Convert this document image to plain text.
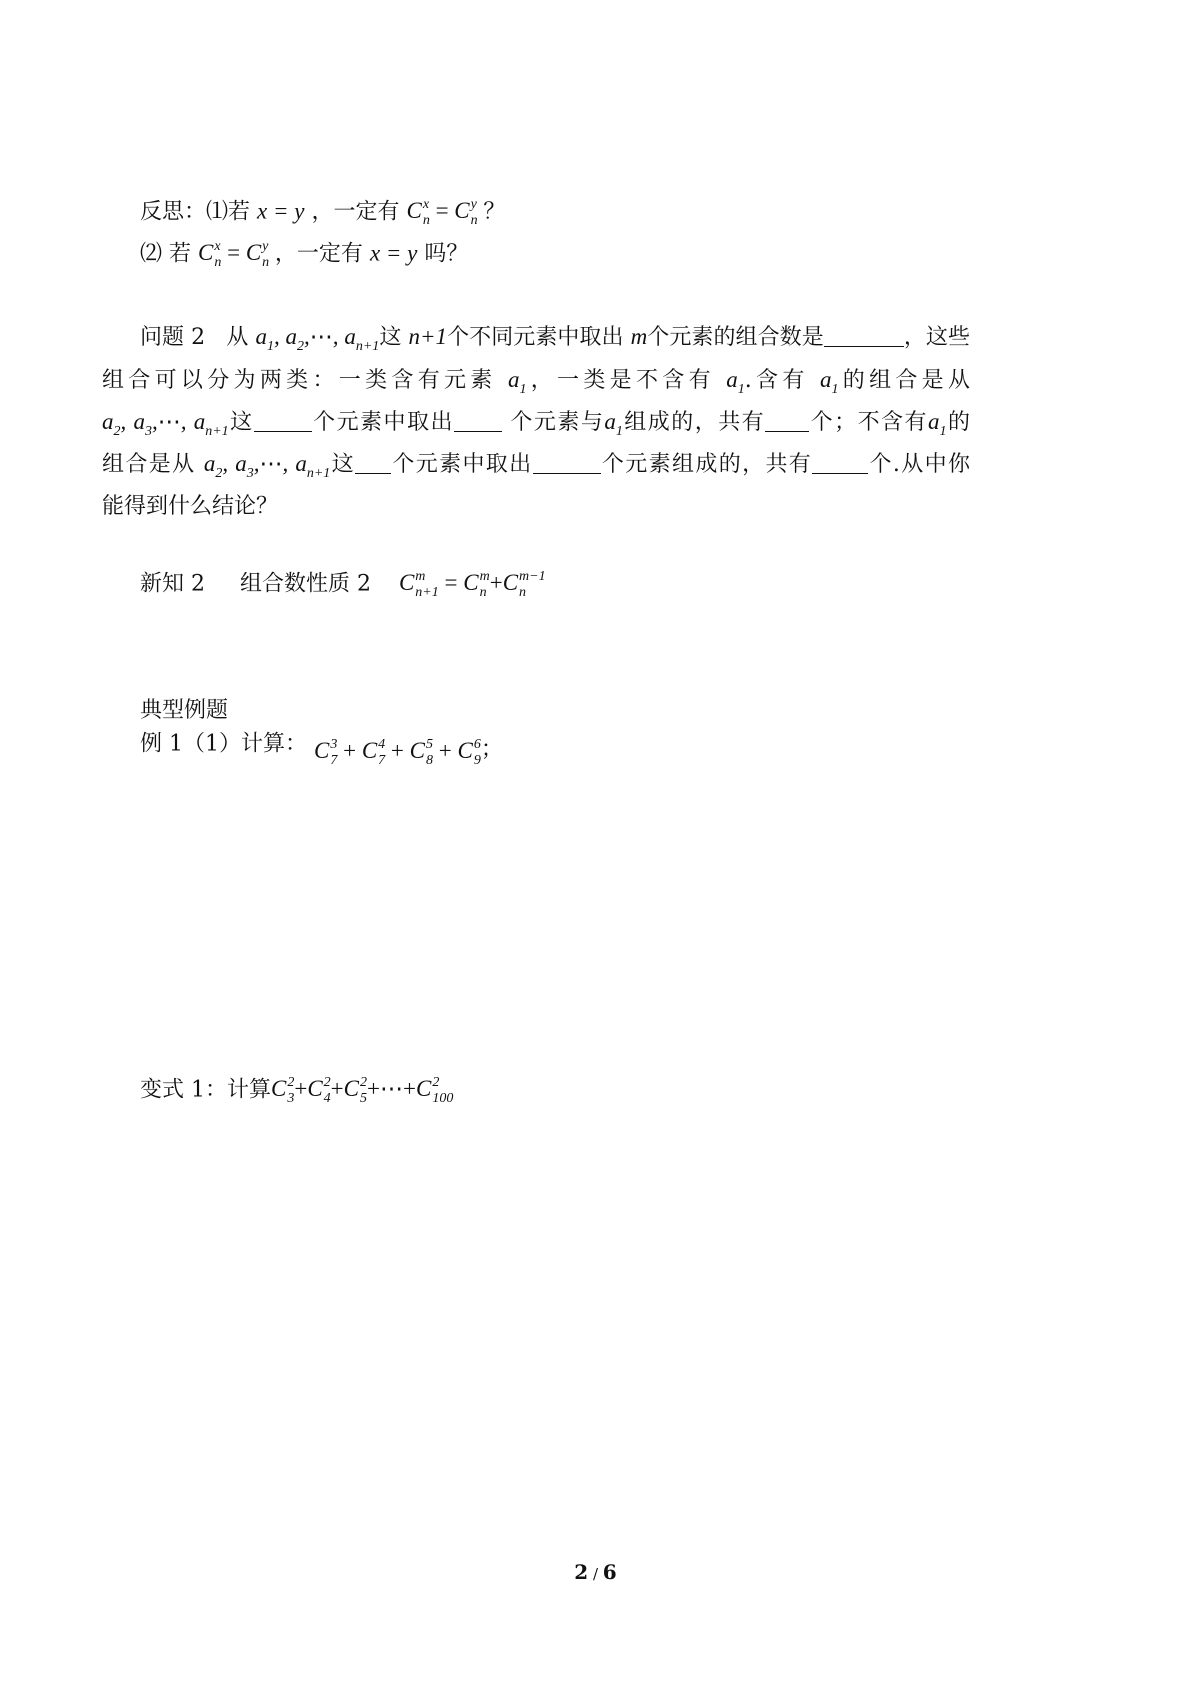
反思：⑴若 x = y ，一定有 C x
n = C y
n ？
⑵ 若 C x
n = C y
n ，一定有 x = y 吗？
问题 2 从 $a_1$, $a_2,\cdots$, $a_{n+1}$这 n+1个不同元素中取出 m个元素的组合数是	，这些
组合可以分为两类：一类含有元素 $a_1$，一类是不含有 $a_1$.含有 $a_1$的组合是从
$a_2$, $a_3,\cdots$, $a_{n+1}$这	个元素中取出	个元素与$a_1$组成的，共有 个；不含有$a_1$的
组合是从 $a_2$, $a_3,\cdots$, $a_{n+1}$这 个元素中取出	个元素组成的，共有	个.从中你
能得到什么结论？
新知 2 组合数性质 2 C m
n+1 = C m
n +C m−1
n
典型例题
例 1（1）计算： C 3
7 + C 4
7 + C 5
8 + C 6
9 ；
变式 1：计算C 2
3 +C 2
4 +C 2
5 +⋯+C 2
100
2 / 6
